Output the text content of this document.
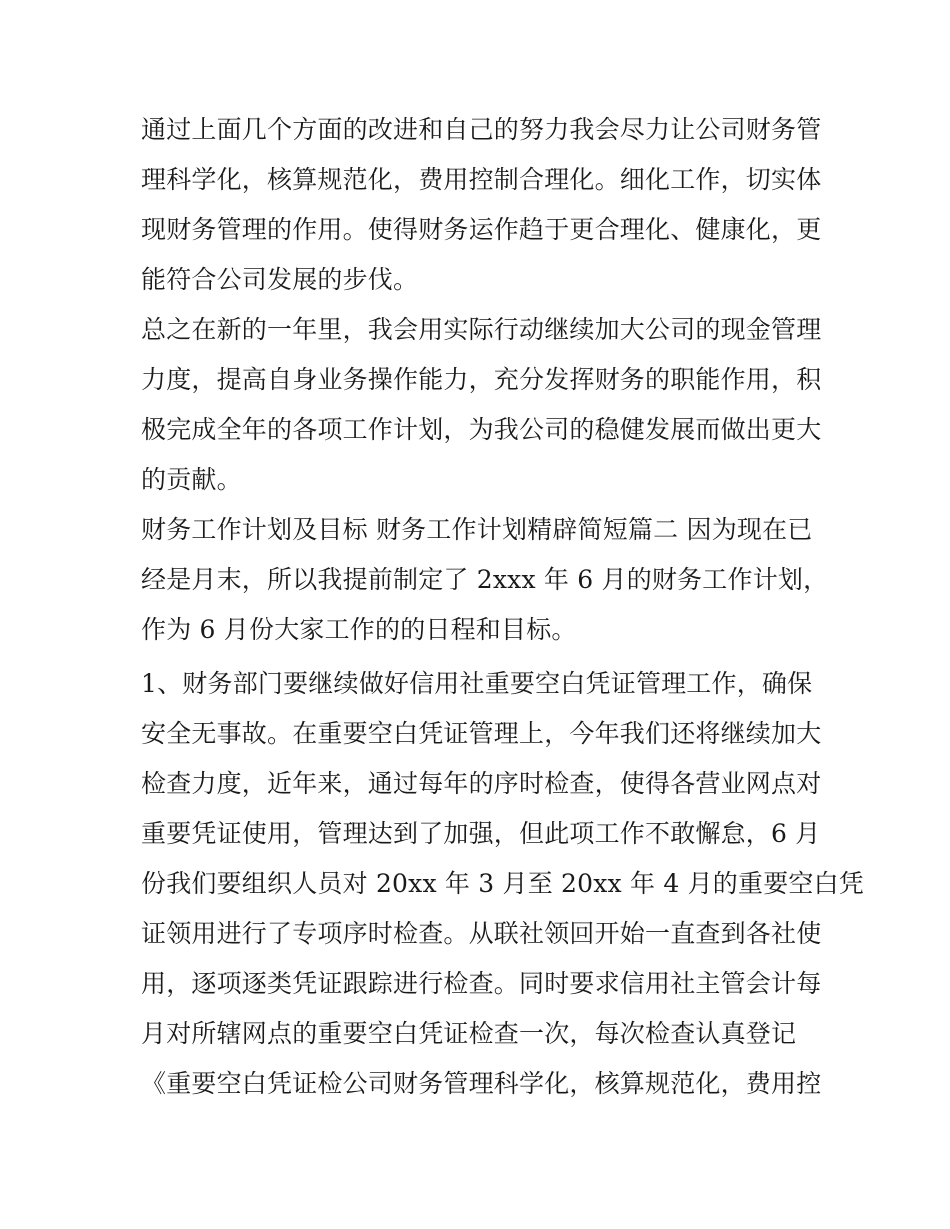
通过上面几个方面的改进和自己的努力我会尽力让公司财务管
理科学化，核算规范化，费用控制合理化。细化工作，切实体
现财务管理的作用。使得财务运作趋于更合理化、健康化，更
能符合公司发展的步伐。
总之在新的一年里，我会用实际行动继续加大公司的现金管理
力度，提高自身业务操作能力，充分发挥财务的职能作用，积
极完成全年的各项工作计划，为我公司的稳健发展而做出更大
的贡献。
财务工作计划及目标 财务工作计划精辟简短篇二 因为现在已
经是月末，所以我提前制定了 2xxx 年 6 月的财务工作计划，
作为 6 月份大家工作的的日程和目标。
1、财务部门要继续做好信用社重要空白凭证管理工作，确保
安全无事故。在重要空白凭证管理上，今年我们还将继续加大
检查力度，近年来，通过每年的序时检查，使得各营业网点对
重要凭证使用，管理达到了加强，但此项工作不敢懈怠，6 月
份我们要组织人员对 20xx 年 3 月至 20xx 年 4 月的重要空白凭
证领用进行了专项序时检查。从联社领回开始一直查到各社使
用，逐项逐类凭证跟踪进行检查。同时要求信用社主管会计每
月对所辖网点的重要空白凭证检查一次，每次检查认真登记
《重要空白凭证检公司财务管理科学化，核算规范化，费用控
